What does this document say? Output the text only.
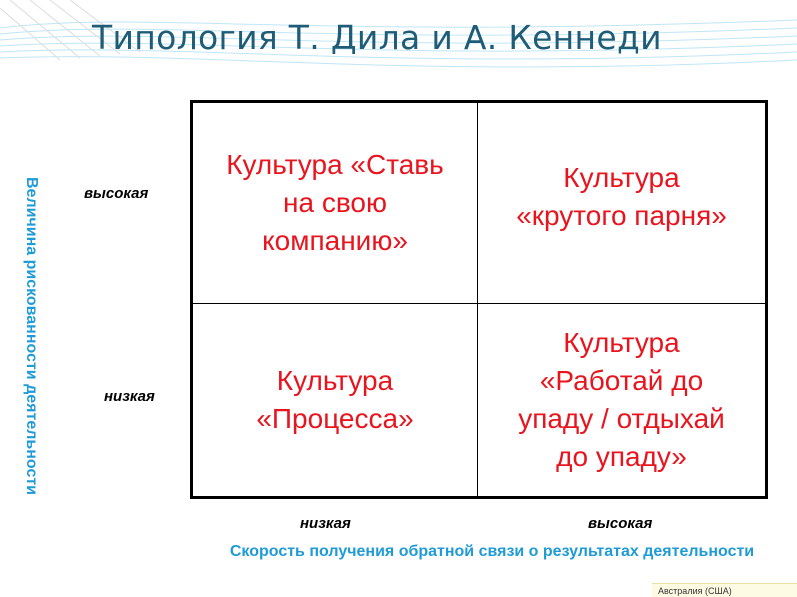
Типология Т. Дила и А. Кеннеди
Величина рискованности деятельности	высокая
низкая
Культура «Ставь
на свою
компанию»
Культура
«крутого парня»
Культура
«Процесса»
Культура
«Работай до
упаду / отдыхай
до упаду»
низкая	высокая
Скорость получения обратной связи о результатах деятельности
Австралия (США)
